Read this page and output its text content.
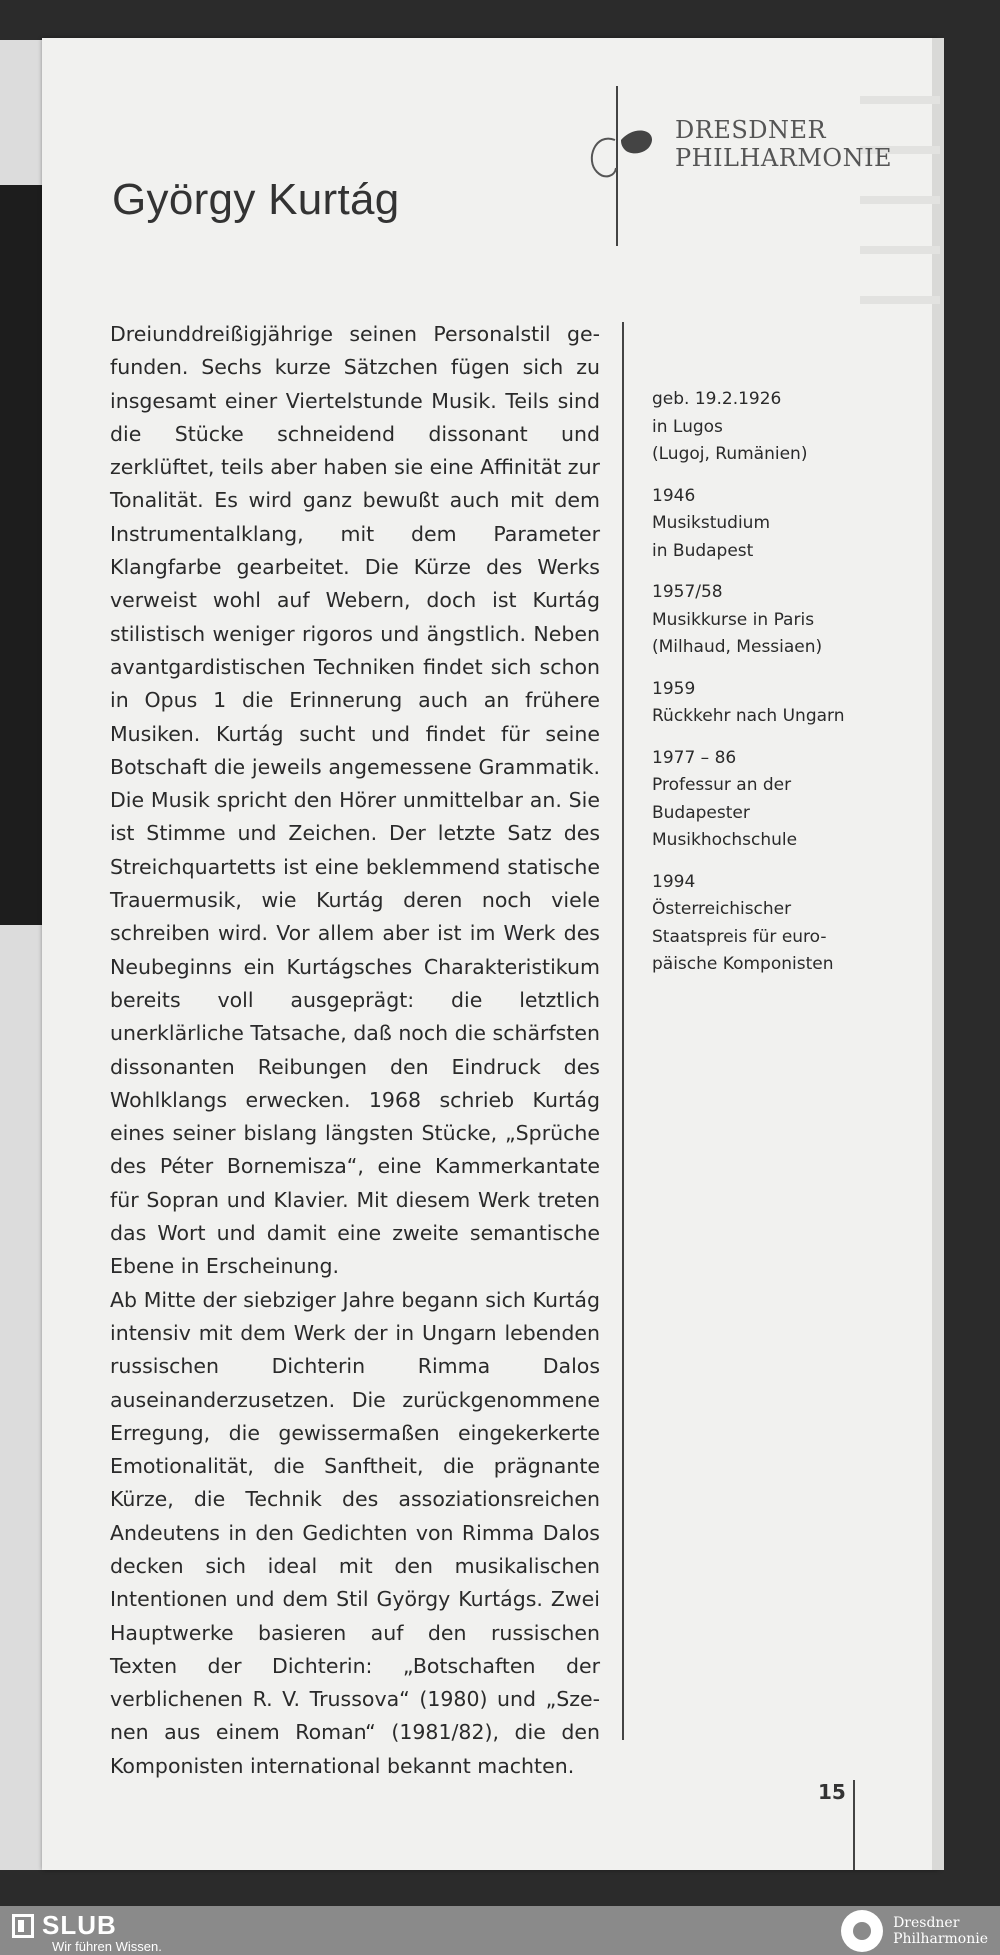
DRESDNER
PHILHARMONIE
György Kurtág

Dreiunddreißigjährige seinen Personalstil gefunden. Sechs kurze Sätzchen fügen sich zu insgesamt einer Viertelstunde Musik. Teils sind die Stücke schneidend dissonant und zerklüftet, teils aber haben sie eine Affinität zur Tonalität. Es wird ganz bewußt auch mit dem Instrumentalklang, mit dem Parameter Klangfarbe gearbeitet. Die Kürze des Werks verweist wohl auf Webern, doch ist Kurtág stilistisch weniger rigoros und ängstlich. Neben avantgardistischen Techniken findet sich schon in Opus 1 die Erinnerung auch an frühere Musiken. Kurtág sucht und findet für seine Botschaft die jeweils angemessene Grammatik. Die Musik spricht den Hörer unmittelbar an. Sie ist Stimme und Zeichen. Der letzte Satz des Streichquartetts ist eine beklemmend statische Trauermusik, wie Kurtág deren noch viele schreiben wird. Vor allem aber ist im Werk des Neubeginns ein Kurtágsches Charakteristikum bereits voll ausgeprägt: die letztlich unerklärliche Tatsache, daß noch die schärfsten dissonanten Reibungen den Eindruck des Wohlklangs erwecken. 1968 schrieb Kurtág eines seiner bislang längsten Stücke, „Sprüche des Péter Bornemisza“, eine Kammerkantate für Sopran und Klavier. Mit diesem Werk treten das Wort und damit eine zweite semantische Ebene in Erscheinung.

Ab Mitte der siebziger Jahre begann sich Kurtág intensiv mit dem Werk der in Ungarn lebenden russischen Dichterin Rimma Dalos auseinanderzusetzen. Die zurückgenommene Erregung, die gewissermaßen eingekerkerte Emotionalität, die Sanftheit, die prägnante Kürze, die Technik des assoziationsreichen Andeutens in den Gedichten von Rimma Dalos decken sich ideal mit den musikalischen Intentionen und dem Stil György Kurtágs. Zwei Hauptwerke basieren auf den russischen Texten der Dichterin: „Botschaften der verblichenen R. V. Trussova“ (1980) und „Szenen aus einem Roman“ (1981/82), die den Komponisten international bekannt machten.

geb. 19.2.1926
in Lugos
(Lugoj, Rumänien)
1946
Musikstudium
in Budapest
1957/58
Musikkurse in Paris
(Milhaud, Messiaen)
1959
Rückkehr nach Ungarn
1977 – 86
Professur an der
Budapester
Musikhochschule
1994
Österreichischer
Staatspreis für euro-
päische Komponisten
15
SLUB
Wir führen Wissen.
Dresdner
Philharmonie
